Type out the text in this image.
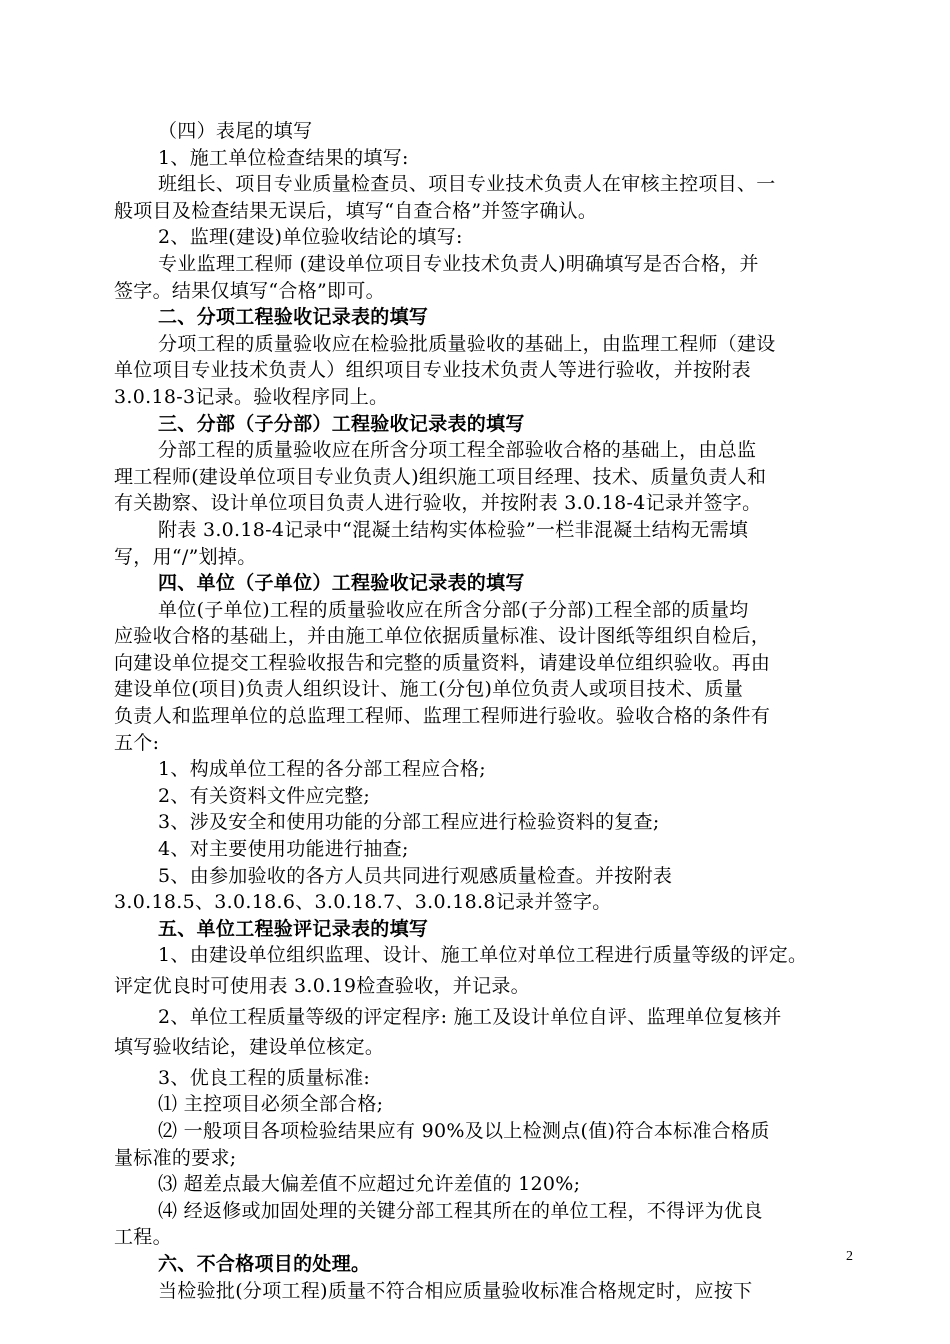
（四）表尾的填写
1、施工单位检查结果的填写:
班组长、项目专业质量检查员、项目专业技术负责人在审核主控项目、一
般项目及检查结果无误后，填写“自查合格”并签字确认。
2、监理(建设)单位验收结论的填写:
专业监理工程师 (建设单位项目专业技术负责人)明确填写是否合格，并
签字。结果仅填写“合格”即可。
二、分项工程验收记录表的填写
分项工程的质量验收应在检验批质量验收的基础上，由监理工程师（建设
单位项目专业技术负责人）组织项目专业技术负责人等进行验收，并按附表
3.0.18-3记录。验收程序同上。
三、分部（子分部）工程验收记录表的填写
分部工程的质量验收应在所含分项工程全部验收合格的基础上，由总监
理工程师(建设单位项目专业负责人)组织施工项目经理、技术、质量负责人和
有关勘察、设计单位项目负责人进行验收，并按附表 3.0.18-4记录并签字。
附表 3.0.18-4记录中“混凝土结构实体检验”一栏非混凝土结构无需填
写，用“/”划掉。
四、单位（子单位）工程验收记录表的填写
单位(子单位)工程的质量验收应在所含分部(子分部)工程全部的质量均
应验收合格的基础上，并由施工单位依据质量标准、设计图纸等组织自检后，
向建设单位提交工程验收报告和完整的质量资料，请建设单位组织验收。再由
建设单位(项目)负责人组织设计、施工(分包)单位负责人或项目技术、质量
负责人和监理单位的总监理工程师、监理工程师进行验收。验收合格的条件有
五个:
1、构成单位工程的各分部工程应合格;
2、有关资料文件应完整;
3、涉及安全和使用功能的分部工程应进行检验资料的复查;
4、对主要使用功能进行抽查;
5、由参加验收的各方人员共同进行观感质量检查。并按附表
3.0.18.5、3.0.18.6、3.0.18.7、3.0.18.8记录并签字。
五、单位工程验评记录表的填写
1、由建设单位组织监理、设计、施工单位对单位工程进行质量等级的评定。
评定优良时可使用表 3.0.19检查验收，并记录。
2、单位工程质量等级的评定程序: 施工及设计单位自评、监理单位复核并
填写验收结论，建设单位核定。
3、优良工程的质量标准:
⑴ 主控项目必须全部合格;
⑵ 一般项目各项检验结果应有 90%及以上检测点(值)符合本标准合格质
量标准的要求;
⑶ 超差点最大偏差值不应超过允许差值的 120%;
⑷ 经返修或加固处理的关键分部工程其所在的单位工程，不得评为优良
工程。
六、不合格项目的处理。
当检验批(分项工程)质量不符合相应质量验收标准合格规定时，应按下
2
